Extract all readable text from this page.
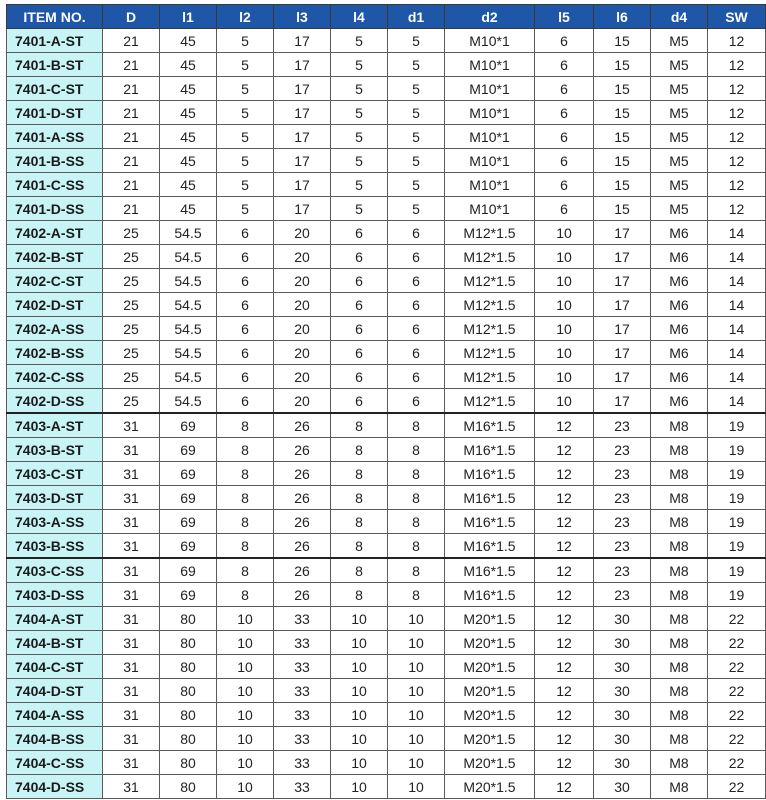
ITEM NO.	D	l1	l2	l3	l4	d1	d2	l5	l6	d4	SW
7401-A-ST	21	45	5	17	5	5	M10*1	6	15	M5	12
7401-B-ST	21	45	5	17	5	5	M10*1	6	15	M5	12
7401-C-ST	21	45	5	17	5	5	M10*1	6	15	M5	12
7401-D-ST	21	45	5	17	5	5	M10*1	6	15	M5	12
7401-A-SS	21	45	5	17	5	5	M10*1	6	15	M5	12
7401-B-SS	21	45	5	17	5	5	M10*1	6	15	M5	12
7401-C-SS	21	45	5	17	5	5	M10*1	6	15	M5	12
7401-D-SS	21	45	5	17	5	5	M10*1	6	15	M5	12
7402-A-ST	25	54.5	6	20	6	6	M12*1.5	10	17	M6	14
7402-B-ST	25	54.5	6	20	6	6	M12*1.5	10	17	M6	14
7402-C-ST	25	54.5	6	20	6	6	M12*1.5	10	17	M6	14
7402-D-ST	25	54.5	6	20	6	6	M12*1.5	10	17	M6	14
7402-A-SS	25	54.5	6	20	6	6	M12*1.5	10	17	M6	14
7402-B-SS	25	54.5	6	20	6	6	M12*1.5	10	17	M6	14
7402-C-SS	25	54.5	6	20	6	6	M12*1.5	10	17	M6	14
7402-D-SS	25	54.5	6	20	6	6	M12*1.5	10	17	M6	14
7403-A-ST	31	69	8	26	8	8	M16*1.5	12	23	M8	19
7403-B-ST	31	69	8	26	8	8	M16*1.5	12	23	M8	19
7403-C-ST	31	69	8	26	8	8	M16*1.5	12	23	M8	19
7403-D-ST	31	69	8	26	8	8	M16*1.5	12	23	M8	19
7403-A-SS	31	69	8	26	8	8	M16*1.5	12	23	M8	19
7403-B-SS	31	69	8	26	8	8	M16*1.5	12	23	M8	19
7403-C-SS	31	69	8	26	8	8	M16*1.5	12	23	M8	19
7403-D-SS	31	69	8	26	8	8	M16*1.5	12	23	M8	19
7404-A-ST	31	80	10	33	10	10	M20*1.5	12	30	M8	22
7404-B-ST	31	80	10	33	10	10	M20*1.5	12	30	M8	22
7404-C-ST	31	80	10	33	10	10	M20*1.5	12	30	M8	22
7404-D-ST	31	80	10	33	10	10	M20*1.5	12	30	M8	22
7404-A-SS	31	80	10	33	10	10	M20*1.5	12	30	M8	22
7404-B-SS	31	80	10	33	10	10	M20*1.5	12	30	M8	22
7404-C-SS	31	80	10	33	10	10	M20*1.5	12	30	M8	22
7404-D-SS	31	80	10	33	10	10	M20*1.5	12	30	M8	22
